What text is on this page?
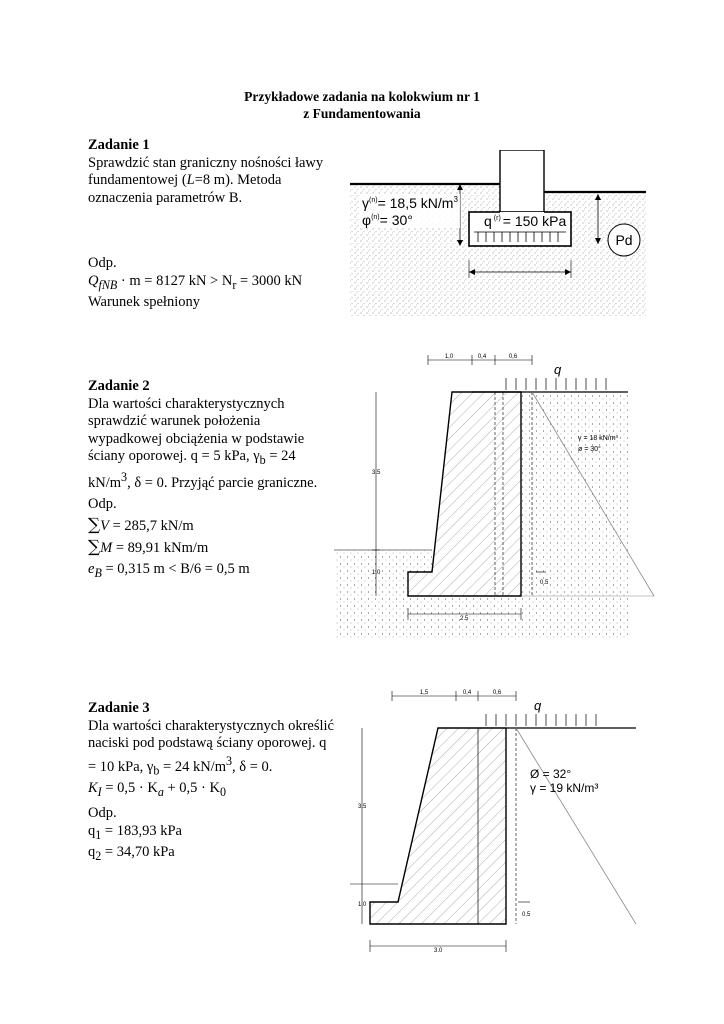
Przykładowe zadania na kolokwium nr 1
z Fundamentowania

Zadanie 1

Sprawdzić stan graniczny nośności ławy

fundamentowej (L=8 m). Metoda

oznaczenia parametrów B.

Odp.

$Q_{fNB} \cdot m = 8127$ kN > $N_r = 3000$ kN

Warunek spełniony

Pd
$\gamma^{(n)}= 18,5$ $kN/m^3$
$\varphi^{(n)}= 30^\circ$	q $^{(r)}$ = 150 kPa

Zadanie 2

Dla wartości charakterystycznych

sprawdzić warunek położenia

wypadkowej obciążenia w podstawie

ściany oporowej. q = 5 kPa, $\gamma_b = 24$

$kN/m^3$, δ = 0. Przyjąć parcie graniczne.

Odp.

∑V = 285,7 kN/m

∑M = 89,91 kNm/m

$e_B = 0,315$ m < B/6 = 0,5 m

q
1,0	0,4	0,6
3.5
1.0
0.5
2.5
γ = 18 kN/m³
ø = 30°

Zadanie 3

Dla wartości charakterystycznych określić

naciski pod podstawą ściany oporowej. q

= 10 kPa, $\gamma_b = 24$ $kN/m^3$, δ = 0.

$K_I = 0,5 \cdot K_a + 0,5 \cdot K_0$

Odp.

$q_1 = 183,93$ kPa

$q_2 = 34,70$ kPa

q
1,5	0,4	0,6
3.5
1.0
0.5
3.0
Ø = 32°
γ = 19 kN/m³
